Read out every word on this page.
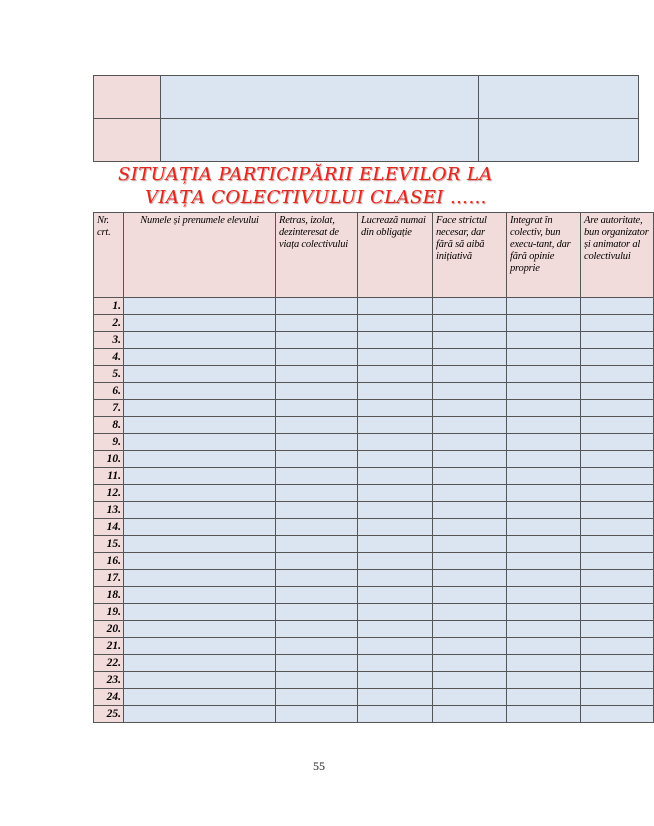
SITUAȚIA PARTICIPĂRII ELEVILOR LA
VIAȚA COLECTIVULUI CLASEI ……
Nr. crt.	Numele și prenumele elevului	Retras, izolat, dezinteresat de viața colectivului	Lucrează numai din obligație	Face strictul necesar, dar fără să aibă inițiativă	Integrat în colectiv, bun execu-tant, dar fără opinie proprie	Are autoritate, bun organizator și animator al colectivului
1.						
2.						
3.						
4.						
5.						
6.						
7.						
8.						
9.						
10.						
11.						
12.						
13.						
14.						
15.						
16.						
17.						
18.						
19.						
20.						
21.						
22.						
23.						
24.						
25.						
55
